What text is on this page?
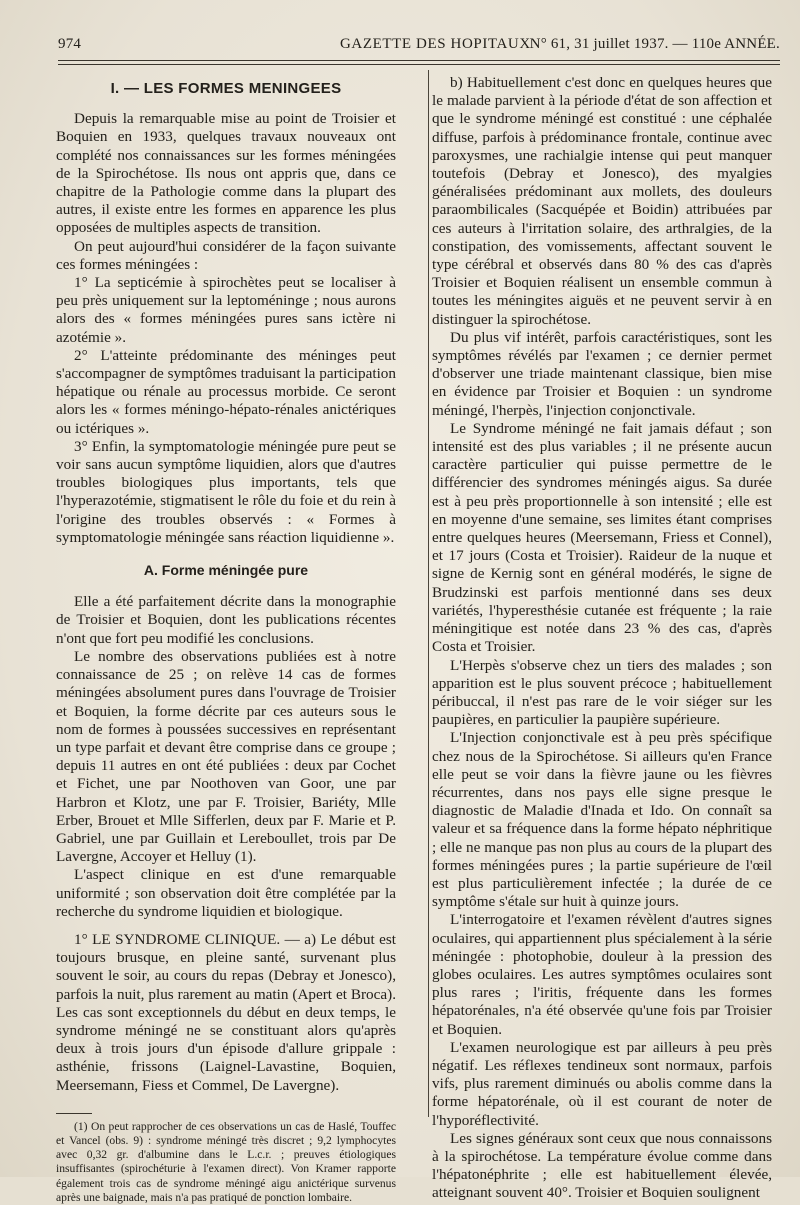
974	GAZETTE DES HOPITAUX
N° 61, 31 juillet 1937. — 110e ANNÉE.
I. — LES FORMES MENINGEES

Depuis la remarquable mise au point de Troisier et Boquien en 1933, quelques travaux nouveaux ont complété nos connaissances sur les formes méningées de la Spirochétose. Ils nous ont appris que, dans ce chapitre de la Pathologie comme dans la plupart des autres, il existe entre les formes en apparence les plus opposées de multiples aspects de transition.

On peut aujourd'hui considérer de la façon suivante ces formes méningées :

1° La septicémie à spirochètes peut se localiser à peu près uniquement sur la leptoméninge ; nous aurons alors des « formes méningées pures sans ictère ni azotémie ».

2° L'atteinte prédominante des méninges peut s'accompagner de symptômes traduisant la participation hépatique ou rénale au processus morbide. Ce seront alors les « formes méningo-hépato-rénales anictériques ou ictériques ».

3° Enfin, la symptomatologie méningée pure peut se voir sans aucun symptôme liquidien, alors que d'autres troubles biologiques plus importants, tels que l'hyperazotémie, stigmatisent le rôle du foie et du rein à l'origine des troubles observés : « Formes à symptomatologie méningée sans réaction liquidienne ».

A. Forme méningée pure

Elle a été parfaitement décrite dans la monographie de Troisier et Boquien, dont les publications récentes n'ont que fort peu modifié les conclusions.

Le nombre des observations publiées est à notre connaissance de 25 ; on relève 14 cas de formes méningées absolument pures dans l'ouvrage de Troisier et Boquien, la forme décrite par ces auteurs sous le nom de formes à poussées successives en représentant un type parfait et devant être comprise dans ce groupe ; depuis 11 autres en ont été publiées : deux par Cochet et Fichet, une par Noothoven van Goor, une par Harbron et Klotz, une par F. Troisier, Bariéty, Mlle Erber, Brouet et Mlle Sifferlen, deux par F. Marie et P. Gabriel, une par Guillain et Lereboullet, trois par De Lavergne, Accoyer et Helluy (1).

L'aspect clinique en est d'une remarquable uniformité ; son observation doit être complétée par la recherche du syndrome liquidien et biologique.

1° LE SYNDROME CLINIQUE. — a) Le début est toujours brusque, en pleine santé, survenant plus souvent le soir, au cours du repas (Debray et Jonesco), parfois la nuit, plus rarement au matin (Apert et Broca). Les cas sont exceptionnels du début en deux temps, le syndrome méningé ne se constituant alors qu'après deux à trois jours d'un épisode d'allure grippale : asthénie, frissons (Laignel-Lavastine, Boquien, Meersemann, Fiess et Commel, De Lavergne).

(1) On peut rapprocher de ces observations un cas de Haslé, Touffec et Vancel (obs. 9) : syndrome méningé très discret ; 9,2 lymphocytes avec 0,32 gr. d'albumine dans le L.c.r. ; preuves étiologiques insuffisantes (spirochéturie à l'examen direct). Von Kramer rapporte également trois cas de syndrome méningé aigu anictérique survenus après une baignade, mais n'a pas pratiqué de ponction lombaire.

b) Habituellement c'est donc en quelques heures que le malade parvient à la période d'état de son affection et que le syndrome méningé est constitué : une céphalée diffuse, parfois à prédominance frontale, continue avec paroxysmes, une rachialgie intense qui peut manquer toutefois (Debray et Jonesco), des myalgies généralisées prédominant aux mollets, des douleurs paraombilicales (Sacquépée et Boidin) attribuées par ces auteurs à l'irritation solaire, des arthralgies, de la constipation, des vomissements, affectant souvent le type cérébral et observés dans 80 % des cas d'après Troisier et Boquien réalisent un ensemble commun à toutes les méningites aiguës et ne peuvent servir à en distinguer la spirochétose.

Du plus vif intérêt, parfois caractéristiques, sont les symptômes révélés par l'examen ; ce dernier permet d'observer une triade maintenant classique, bien mise en évidence par Troisier et Boquien : un syndrome méningé, l'herpès, l'injection conjonctivale.

Le Syndrome méningé ne fait jamais défaut ; son intensité est des plus variables ; il ne présente aucun caractère particulier qui puisse permettre de le différencier des syndromes méningés aigus. Sa durée est à peu près proportionnelle à son intensité ; elle est en moyenne d'une semaine, ses limites étant comprises entre quelques heures (Meersemann, Friess et Connel), et 17 jours (Costa et Troisier). Raideur de la nuque et signe de Kernig sont en général modérés, le signe de Brudzinski est parfois mentionné dans ses deux variétés, l'hyperesthésie cutanée est fréquente ; la raie méningitique est notée dans 23 % des cas, d'après Costa et Troisier.

L'Herpès s'observe chez un tiers des malades ; son apparition est le plus souvent précoce ; habituellement péribuccal, il n'est pas rare de le voir siéger sur les paupières, en particulier la paupière supérieure.

L'Injection conjonctivale est à peu près spécifique chez nous de la Spirochétose. Si ailleurs qu'en France elle peut se voir dans la fièvre jaune ou les fièvres récurrentes, dans nos pays elle signe presque le diagnostic de Maladie d'Inada et Ido. On connaît sa valeur et sa fréquence dans la forme hépato néphritique ; elle ne manque pas non plus au cours de la plupart des formes méningées pures ; la partie supérieure de l'œil est plus particulièrement infectée ; la durée de ce symptôme s'étale sur huit à quinze jours.

L'interrogatoire et l'examen révèlent d'autres signes oculaires, qui appartiennent plus spécialement à la série méningée : photophobie, douleur à la pression des globes oculaires. Les autres symptômes oculaires sont plus rares ; l'iritis, fréquente dans les formes hépatorénales, n'a été observée qu'une fois par Troisier et Boquien.

L'examen neurologique est par ailleurs à peu près négatif. Les réflexes tendineux sont normaux, parfois vifs, plus rarement diminués ou abolis comme dans la forme hépatorénale, où il est courant de noter de l'hyporéflectivité.

Les signes généraux sont ceux que nous connaissons à la spirochétose. La température évolue comme dans l'hépatonéphrite ; elle est habituellement élevée, atteignant souvent 40°. Troisier et Boquien soulignent
